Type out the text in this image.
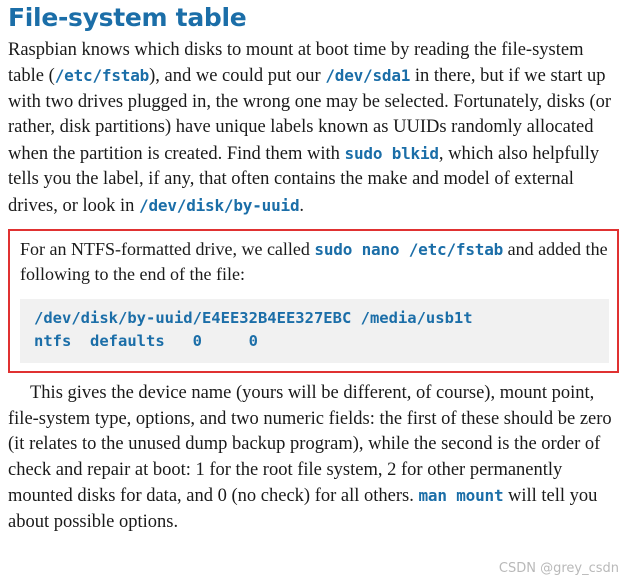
File-system table

Raspbian knows which disks to mount at boot time by reading the file-system table (/etc/fstab), and we could put our /dev/sda1 in there, but if we start up with two drives plugged in, the wrong one may be selected. Fortunately, disks (or rather, disk partitions) have unique labels known as UUIDs randomly allocated when the partition is created. Find them with sudo blkid, which also helpfully tells you the label, if any, that often contains the make and model of external drives, or look in /dev/disk/by-uuid.

For an NTFS-formatted drive, we called sudo nano /etc/fstab and added the following to the end of the file:

/dev/disk/by-uuid/E4EE32B4EE327EBC /media/usb1t
ntfs  defaults   0     0

This gives the device name (yours will be different, of course), mount point, file-system type, options, and two numeric fields: the first of these should be zero (it relates to the unused dump backup program), while the second is the order of check and repair at boot: 1 for the root file system, 2 for other permanently mounted disks for data, and 0 (no check) for all others. man mount will tell you about possible options.

CSDN @grey_csdn
